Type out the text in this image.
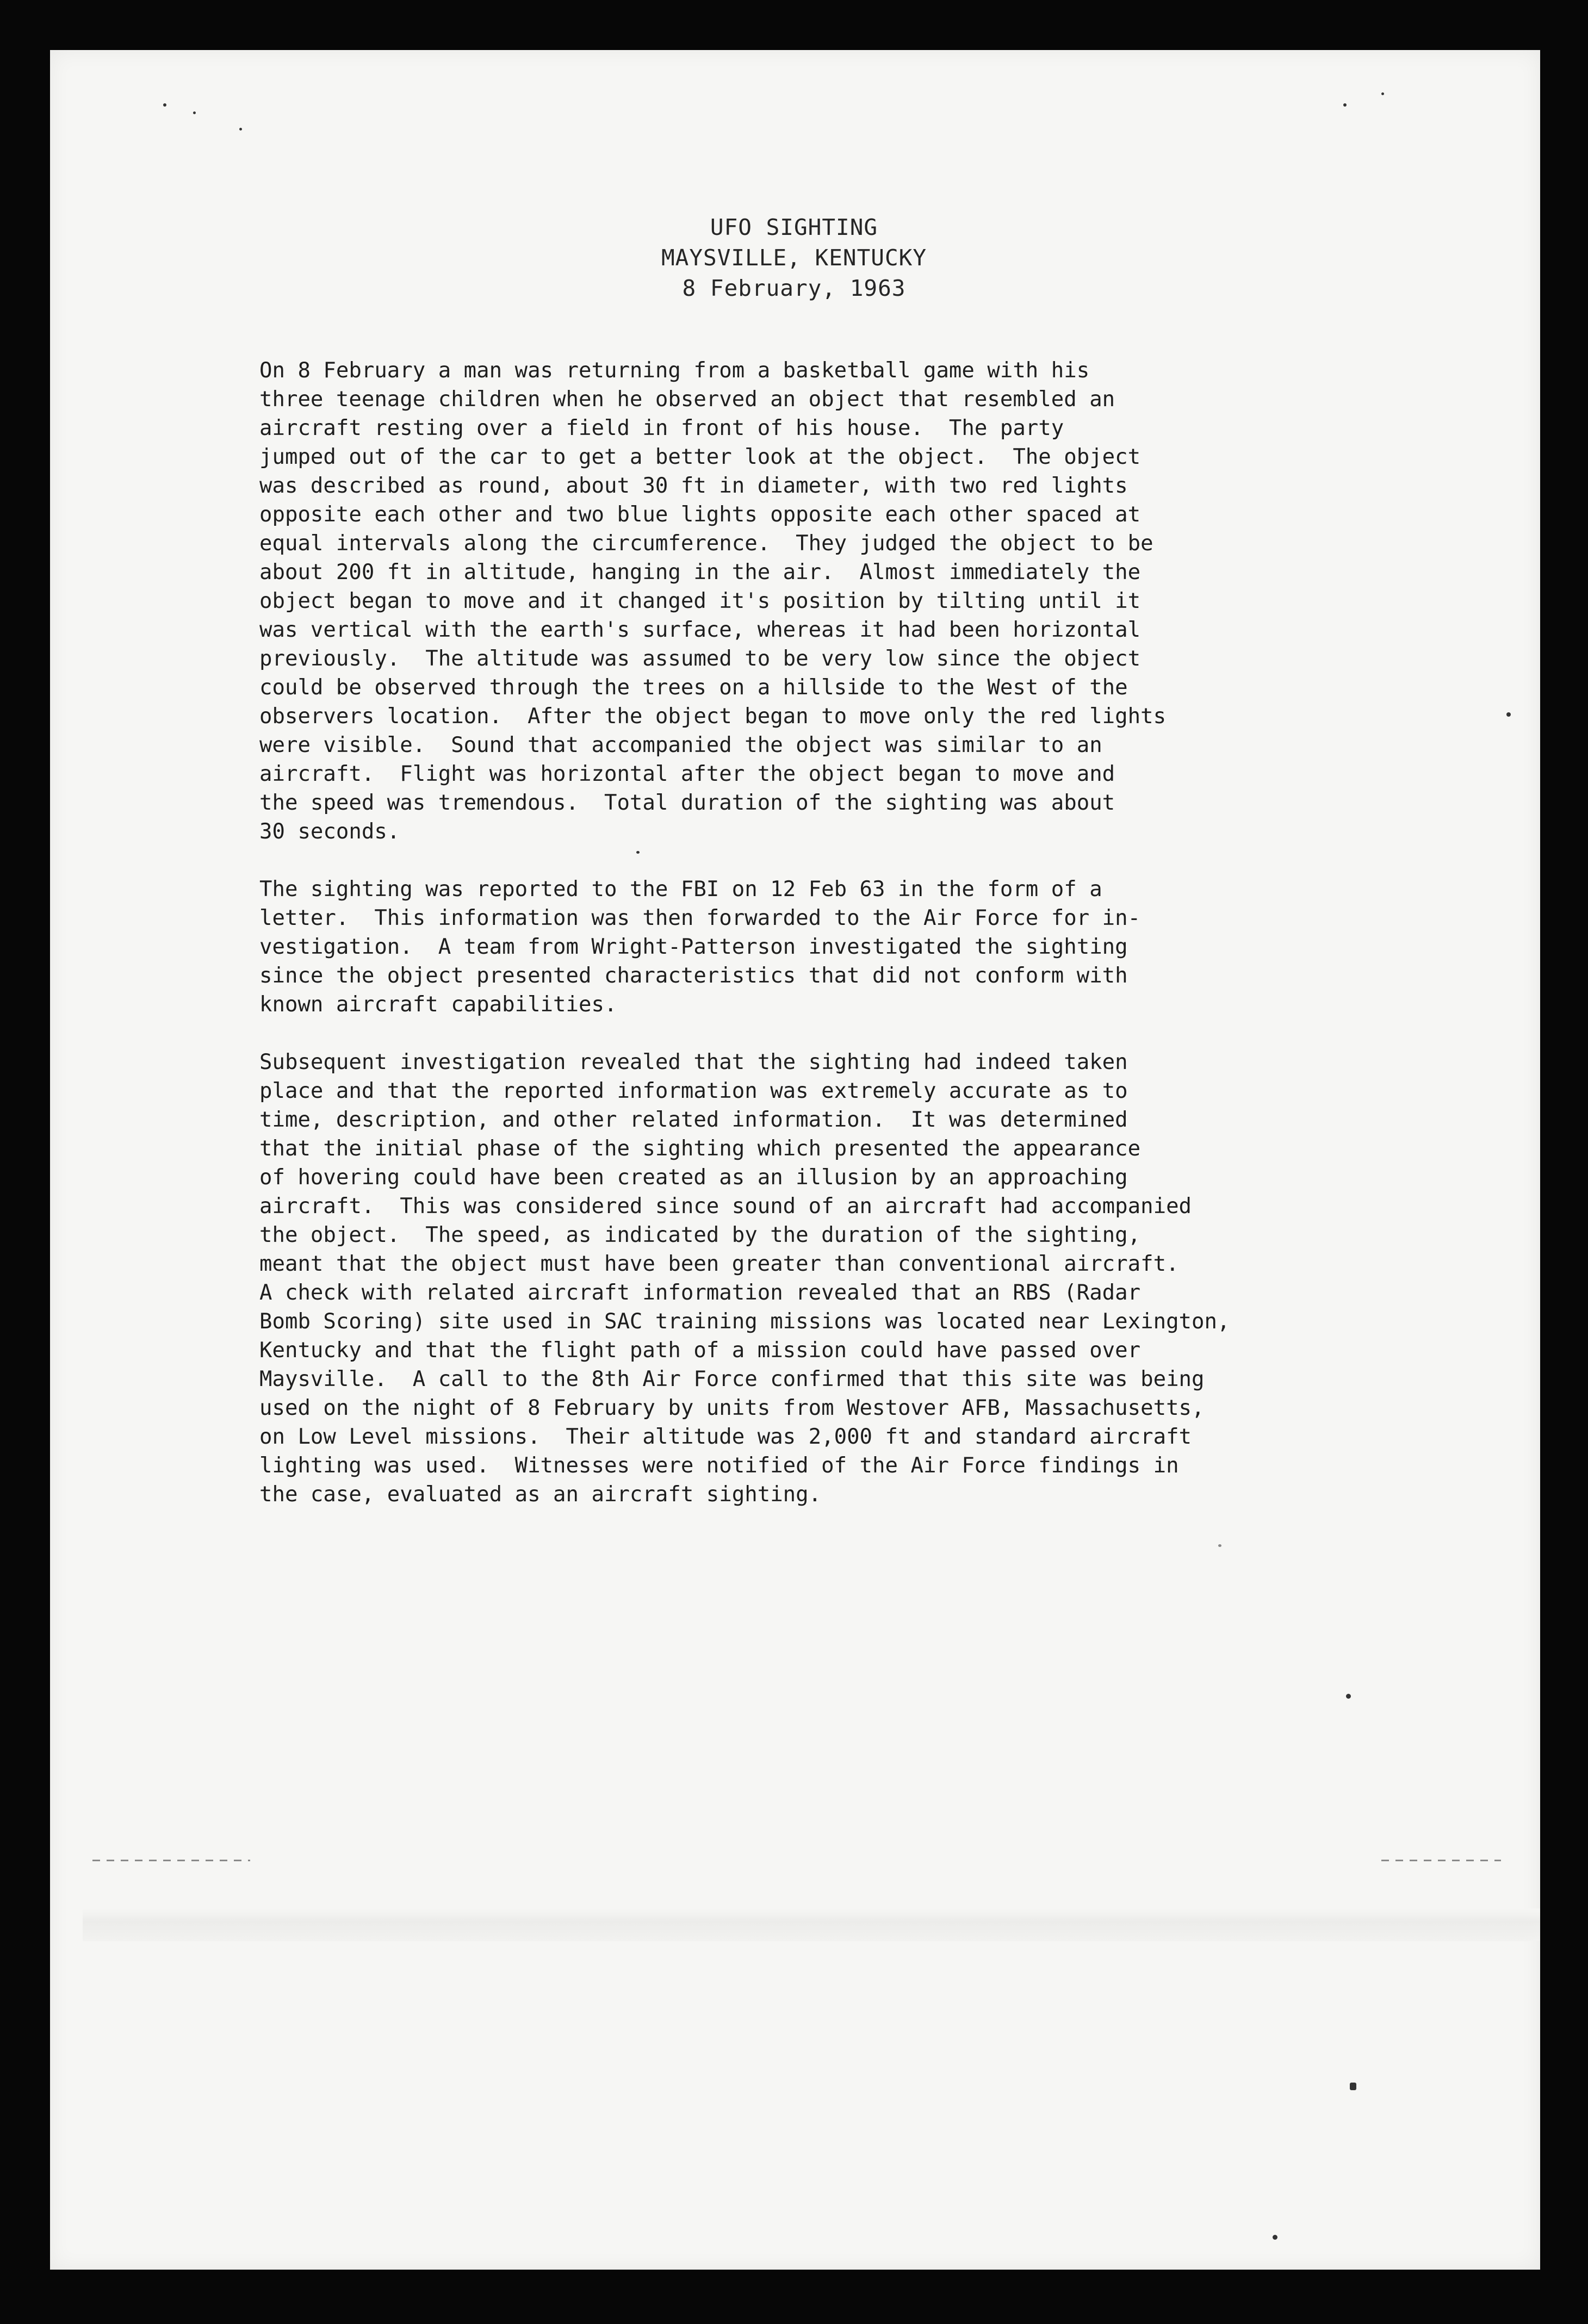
UFO SIGHTING
MAYSVILLE, KENTUCKY
8 February, 1963
On 8 February a man was returning from a basketball game with his
three teenage children when he observed an object that resembled an
aircraft resting over a field in front of his house.  The party
jumped out of the car to get a better look at the object.  The object
was described as round, about 30 ft in diameter, with two red lights
opposite each other and two blue lights opposite each other spaced at
equal intervals along the circumference.  They judged the object to be
about 200 ft in altitude, hanging in the air.  Almost immediately the
object began to move and it changed it's position by tilting until it
was vertical with the earth's surface, whereas it had been horizontal
previously.  The altitude was assumed to be very low since the object
could be observed through the trees on a hillside to the West of the
observers location.  After the object began to move only the red lights
were visible.  Sound that accompanied the object was similar to an
aircraft.  Flight was horizontal after the object began to move and
the speed was tremendous.  Total duration of the sighting was about
30 seconds.
The sighting was reported to the FBI on 12 Feb 63 in the form of a
letter.  This information was then forwarded to the Air Force for in-
vestigation.  A team from Wright-Patterson investigated the sighting
since the object presented characteristics that did not conform with
known aircraft capabilities.
Subsequent investigation revealed that the sighting had indeed taken
place and that the reported information was extremely accurate as to
time, description, and other related information.  It was determined
that the initial phase of the sighting which presented the appearance
of hovering could have been created as an illusion by an approaching
aircraft.  This was considered since sound of an aircraft had accompanied
the object.  The speed, as indicated by the duration of the sighting,
meant that the object must have been greater than conventional aircraft.
A check with related aircraft information revealed that an RBS (Radar
Bomb Scoring) site used in SAC training missions was located near Lexington,
Kentucky and that the flight path of a mission could have passed over
Maysville.  A call to the 8th Air Force confirmed that this site was being
used on the night of 8 February by units from Westover AFB, Massachusetts,
on Low Level missions.  Their altitude was 2,000 ft and standard aircraft
lighting was used.  Witnesses were notified of the Air Force findings in
the case, evaluated as an aircraft sighting.
